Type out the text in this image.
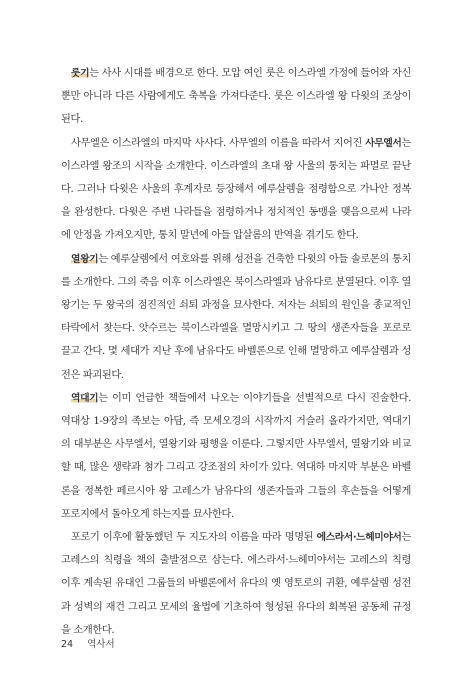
룻기는 사사 시대를 배경으로 한다. 모압 여인 룻은 이스라엘 가정에 들어와 자신뿐만 아니라 다른 사람에게도 축복을 가져다준다. 룻은 이스라엘 왕 다윗의 조상이 된다.

사무엘은 이스라엘의 마지막 사사다. 사무엘의 이름을 따라서 지어진 사무엘서는 이스라엘 왕조의 시작을 소개한다. 이스라엘의 초대 왕 사울의 통치는 파멸로 끝난다. 그러나 다윗은 사울의 후계자로 등장해서 예루살렘을 점령함으로 가나안 정복을 완성한다. 다윗은 주변 나라들을 점령하거나 정치적인 동맹을 맺음으로써 나라에 안정을 가져오지만, 통치 말년에 아들 압살롬의 반역을 겪기도 한다.

열왕기는 예루살렘에서 여호와를 위해 성전을 건축한 다윗의 아들 솔로몬의 통치를 소개한다. 그의 죽음 이후 이스라엘은 북이스라엘과 남유다로 분열된다. 이후 열왕기는 두 왕국의 점진적인 쇠퇴 과정을 묘사한다. 저자는 쇠퇴의 원인을 종교적인 타락에서 찾는다. 앗수르는 북이스라엘을 멸망시키고 그 땅의 생존자들을 포로로 끌고 간다. 몇 세대가 지난 후에 남유다도 바벨론으로 인해 멸망하고 예루살렘과 성전은 파괴된다.

역대기는 이미 언급한 책들에서 나오는 이야기들을 선별적으로 다시 진술한다. 역대상 1-9장의 족보는 아담, 즉 모세오경의 시작까지 거슬러 올라가지만, 역대기의 대부분은 사무엘서, 열왕기와 평행을 이룬다. 그렇지만 사무엘서, 열왕기와 비교할 때, 많은 생략과 첨가 그리고 강조점의 차이가 있다. 역대하 마지막 부분은 바벨론을 정복한 페르시아 왕 고레스가 남유다의 생존자들과 그들의 후손들을 어떻게 포로지에서 돌아오게 하는지를 묘사한다.

포로기 이후에 활동했던 두 지도자의 이름을 따라 명명된 에스라서·느헤미야서는 고레스의 칙령을 책의 출발점으로 삼는다. 에스라서·느헤미야서는 고레스의 칙령 이후 계속된 유대인 그룹들의 바벨론에서 유다의 옛 영토로의 귀환, 예루살렘 성전과 성벽의 재건 그리고 모세의 율법에 기초하여 형성된 유다의 회복된 공동체 규정을 소개한다.

24 역사서
